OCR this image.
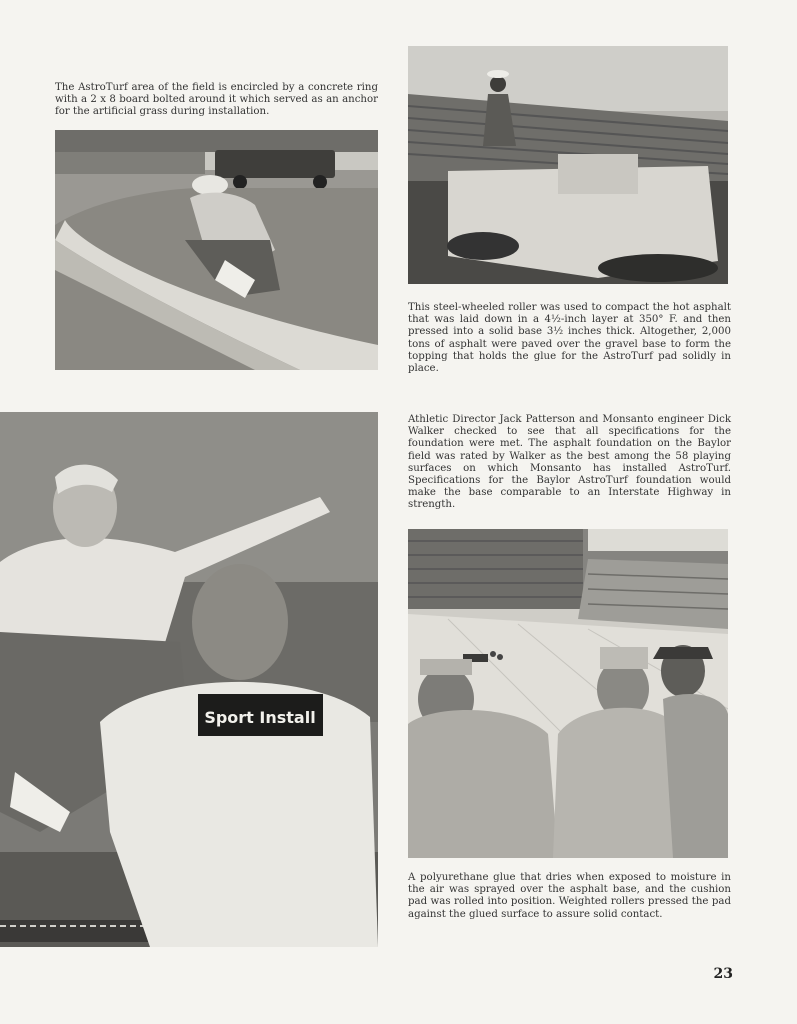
The AstroTurf area of the field is encircled by a concrete ring with a 2 x 8 board bolted around it which served as an anchor for the artificial grass during installation.

This steel-wheeled roller was used to compact the hot asphalt that was laid down in a 4½-inch layer at 350° F. and then pressed into a solid base 3½ inches thick. Altogether, 2,000 tons of asphalt were paved over the gravel base to form the topping that holds the glue for the AstroTurf pad solidly in place.

Athletic Director Jack Patterson and Monsanto engineer Dick Walker checked to see that all specifications for the foundation were met. The asphalt foundation on the Baylor field was rated by Walker as the best among the 58 playing surfaces on which Monsanto has installed AstroTurf. Specifications for the Baylor AstroTurf foundation would make the base comparable to an Interstate Highway in strength.

Sport Install

A polyurethane glue that dries when exposed to moisture in the air was sprayed over the asphalt base, and the cushion pad was rolled into position. Weighted rollers pressed the pad against the glued surface to assure solid contact.

23
